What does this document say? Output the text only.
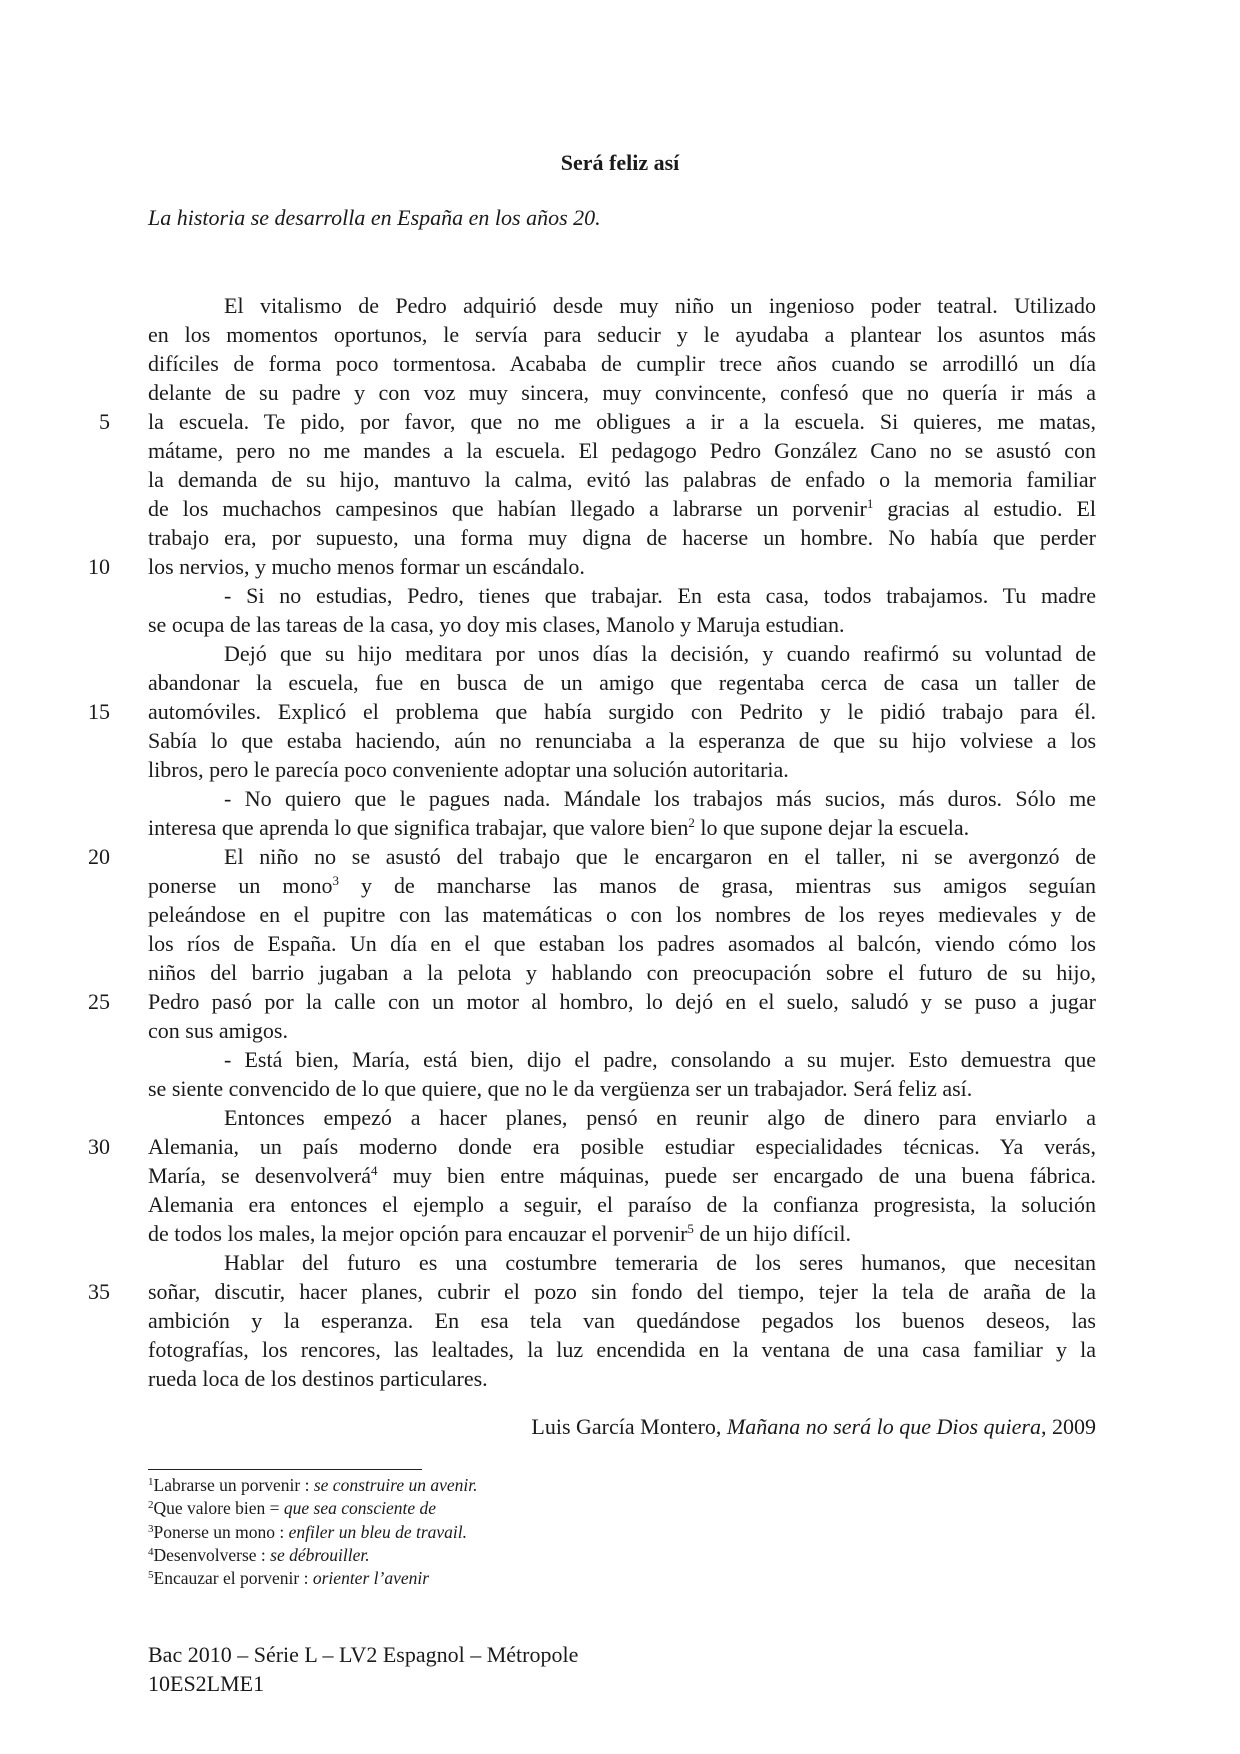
Será feliz así
La historia se desarrolla en España en los años 20.
5
10
15
20
25
30
35
El vitalismo de Pedro adquirió desde muy niño un ingenioso poder teatral. Utilizado
en los momentos oportunos, le servía para seducir y le ayudaba a plantear los asuntos más
difíciles de forma poco tormentosa. Acababa de cumplir trece años cuando se arrodilló un día
delante de su padre y con voz muy sincera, muy convincente, confesó que no quería ir más a
la escuela. Te pido, por favor, que no me obligues a ir a la escuela. Si quieres, me matas,
mátame, pero no me mandes a la escuela. El pedagogo Pedro González Cano no se asustó con
la demanda de su hijo, mantuvo la calma, evitó las palabras de enfado o la memoria familiar
de los muchachos campesinos que habían llegado a labrarse un porvenir$^1$ gracias al estudio. El
trabajo era, por supuesto, una forma muy digna de hacerse un hombre. No había que perder
los nervios, y mucho menos formar un escándalo.
- Si no estudias, Pedro, tienes que trabajar. En esta casa, todos trabajamos. Tu madre
se ocupa de las tareas de la casa, yo doy mis clases, Manolo y Maruja estudian.
Dejó que su hijo meditara por unos días la decisión, y cuando reafirmó su voluntad de
abandonar la escuela, fue en busca de un amigo que regentaba cerca de casa un taller de
automóviles. Explicó el problema que había surgido con Pedrito y le pidió trabajo para él.
Sabía lo que estaba haciendo, aún no renunciaba a la esperanza de que su hijo volviese a los
libros, pero le parecía poco conveniente adoptar una solución autoritaria.
- No quiero que le pagues nada. Mándale los trabajos más sucios, más duros. Sólo me
interesa que aprenda lo que significa trabajar, que valore bien$^2$ lo que supone dejar la escuela.
El niño no se asustó del trabajo que le encargaron en el taller, ni se avergonzó de
ponerse un mono$^3$ y de mancharse las manos de grasa, mientras sus amigos seguían
peleándose en el pupitre con las matemáticas o con los nombres de los reyes medievales y de
los ríos de España. Un día en el que estaban los padres asomados al balcón, viendo cómo los
niños del barrio jugaban a la pelota y hablando con preocupación sobre el futuro de su hijo,
Pedro pasó por la calle con un motor al hombro, lo dejó en el suelo, saludó y se puso a jugar
con sus amigos.
- Está bien, María, está bien, dijo el padre, consolando a su mujer. Esto demuestra que
se siente convencido de lo que quiere, que no le da vergüenza ser un trabajador. Será feliz así.
Entonces empezó a hacer planes, pensó en reunir algo de dinero para enviarlo a
Alemania, un país moderno donde era posible estudiar especialidades técnicas. Ya verás,
María, se desenvolverá$^4$ muy bien entre máquinas, puede ser encargado de una buena fábrica.
Alemania era entonces el ejemplo a seguir, el paraíso de la confianza progresista, la solución
de todos los males, la mejor opción para encauzar el porvenir$^5$ de un hijo difícil.
Hablar del futuro es una costumbre temeraria de los seres humanos, que necesitan
soñar, discutir, hacer planes, cubrir el pozo sin fondo del tiempo, tejer la tela de araña de la
ambición y la esperanza. En esa tela van quedándose pegados los buenos deseos, las
fotografías, los rencores, las lealtades, la luz encendida en la ventana de una casa familiar y la
rueda loca de los destinos particulares.
Luis García Montero, Mañana no será lo que Dios quiera, 2009
$^1$Labrarse un porvenir : se construire un avenir.
$^2$Que valore bien = que sea consciente de
$^3$Ponerse un mono : enfiler un bleu de travail.
$^4$Desenvolverse : se débrouiller.
$^5$Encauzar el porvenir : orienter l’avenir
Bac 2010 – Série L – LV2 Espagnol – Métropole
10ES2LME1
